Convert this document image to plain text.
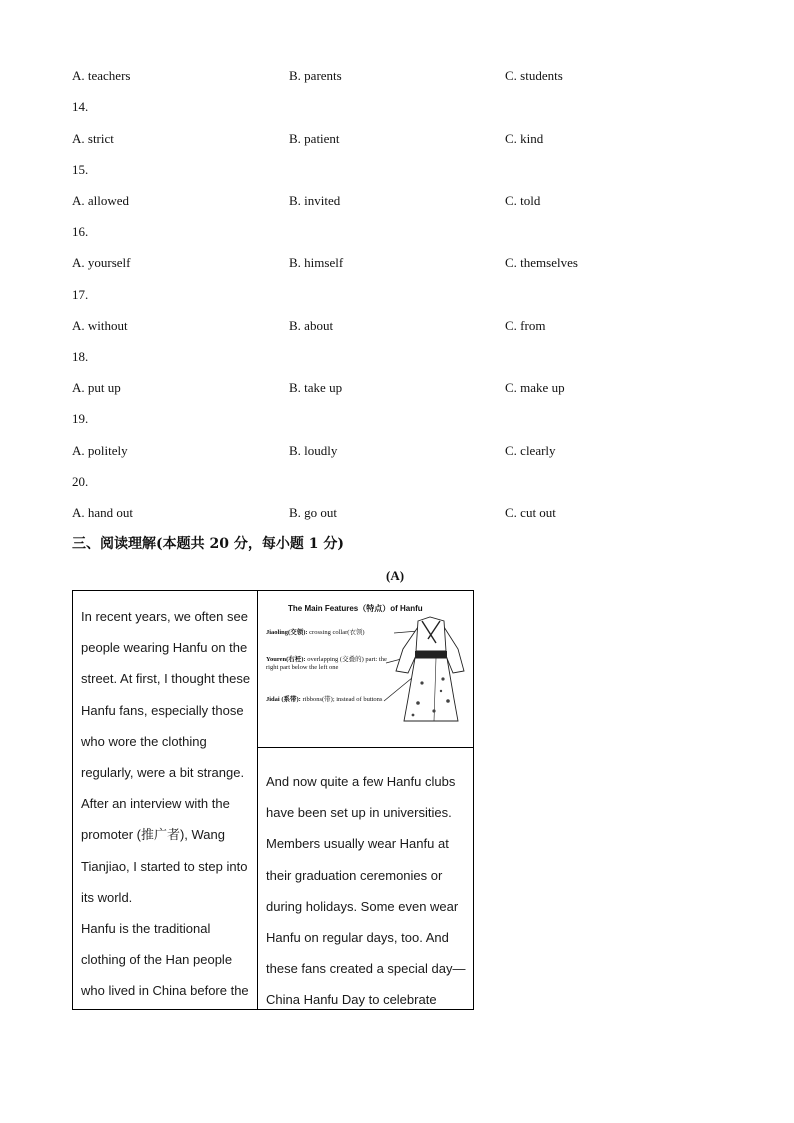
A. teachers	B. parents	C. students
14.
A. strict	B. patient	C. kind
15.
A. allowed	B. invited	C. told
16.
A. yourself	B. himself	C. themselves
17.
A. without	B. about	C. from
18.
A. put up	B. take up	C. make up
19.
A. politely	B. loudly	C. clearly
20.
A. hand out	B. go out	C. cut out
三、阅读理解(本题共 20 分，每小题 1 分)
(A)

In recent years, we often see people wearing Hanfu on the street. At first, I thought these Hanfu fans, especially those who wore the clothing regularly, were a bit strange. After an interview with the promoter (推广者), Wang Tianjiao, I started to step into its world.

Hanfu is the traditional clothing of the Han people who lived in China before the

The Main Features（特点）of Hanfu
Jiaoling(交领): crossing collar(衣领)
Youren(右衽): overlapping (交叠的) part: the right part below the left one
Jidai (系带): ribbons(带); instead of buttons

And now quite a few Hanfu clubs have been set up in universities. Members usually wear Hanfu at their graduation ceremonies or during holidays. Some even wear Hanfu on regular days, too. And these fans created a special day—China Hanfu Day to celebrate
